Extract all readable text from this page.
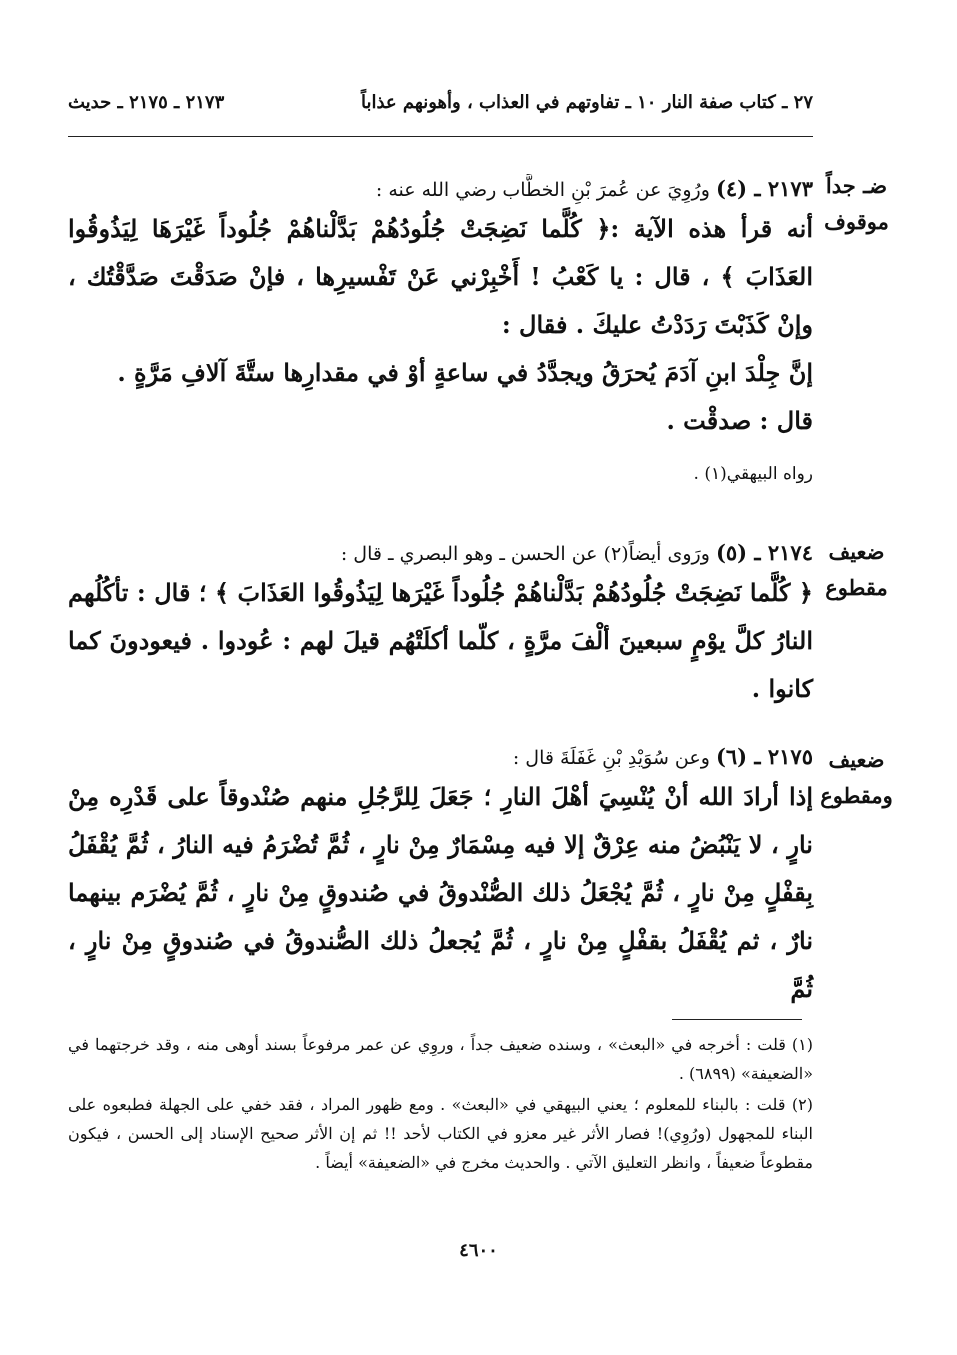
٢٧ ـ كتاب صفة النار ١٠ ـ تفاوتهم في العذاب ، وأهونهم عذاباً
٢١٧٣ ـ ٢١٧٥ ـ حديث
ضـ جداً
موقوف
٢١٧٣ ـ (٤) ورُوِيَ عن عُمرَ بْنِ الخطَّاب رضي الله عنه :
أنه قرأ هذه الآية :﴿ كُلَّما نَضِجَتْ جُلُودُهُمْ بَدَّلْناهُمْ جُلُوداً غَيْرَهَا لِيَذُوقُوا العَذَابَ ﴾ ، قال : يا كَعْبُ ! أَخْبِرْني عَنْ تَفْسيرِها ، فإنْ صَدَقْتَ صَدَّقْتُك ، وإنْ كَذَبْتَ رَدَدْتُ عليكَ . فقال :
إنَّ جِلْدَ ابنِ آدَمَ يُحرَقُ ويجدَّدُ في ساعةٍ أوْ في مقدارِها ستَّةَ آلافِ مَرَّةٍ .
قال : صدقْت .
رواه البيهقي(١) .
ضعيف
مقطوع
٢١٧٤ ـ (٥) ورَوى أيضاً(٢) عن الحسن ـ وهو البصري ـ قال :
﴿ كُلَّما نَضِجَتْ جُلُودُهُمْ بَدَّلْناهُمْ جُلُوداً غَيْرَها لِيَذُوقُوا العَذَابَ ﴾ ؛ قال : تأكُلُهم النارُ كلَّ يوْمٍ سبعينَ ألْفَ مرَّةٍ ، كلّما أكلَتْهُم قيلَ لهم : عُودوا . فيعودونَ كما كانوا .
ضعيف
ومقطوع
٢١٧٥ ـ (٦) وعن سُوَيْدِ بْنِ غَفَلَةَ قال :
إذا أرادَ الله أنْ يُنْسِيَ أهْلَ النارِ ؛ جَعَلَ لِلرَّجُلِ منهم صُنْدوقاً على قَدْرِه مِنْ نارٍ ، لا يَنْبُضُ منه عِرْقٌ إلا فيه مِسْمَارٌ مِنْ نارٍ ، ثُمَّ تُضْرَمُ فيه النارُ ، ثُمَّ يُقْفَلُ بِقفْلٍ مِنْ نارٍ ، ثُمَّ يُجْعَلُ ذلك الصُّنْدوقُ في صُندوقٍ مِنْ نارٍ ، ثُمَّ يُضْرَم بينهما نارٌ ، ثم يُقْفَلُ بقفْلٍ مِنْ نارٍ ، ثُمَّ يُجعلُ ذلك الصُّندوقُ في صُندوقٍ مِنْ نارٍ ، ثُمَّ

(١) قلت : أخرجه في «البعث» ، وسنده ضعيف جداً ، وروِي عن عمر مرفوعاً بسند أوهى منه ، وقد خرجتهما في «الضعيفة» (٦٨٩٩) .

(٢) قلت : بالبناء للمعلوم ؛ يعني البيهقي في «البعث» . ومع ظهور المراد ، فقد خفي على الجهلة فطبعوه على البناء للمجهول (ورُوِي)! فصار الأثر غير معزو في الكتاب لأحد !! ثم إن الأثر صحيح الإسناد إلى الحسن ، فيكون مقطوعاً ضعيفاً ، وانظر التعليق الآتي . والحديث مخرج في «الضعيفة» أيضاً .

٤٦٠٠
